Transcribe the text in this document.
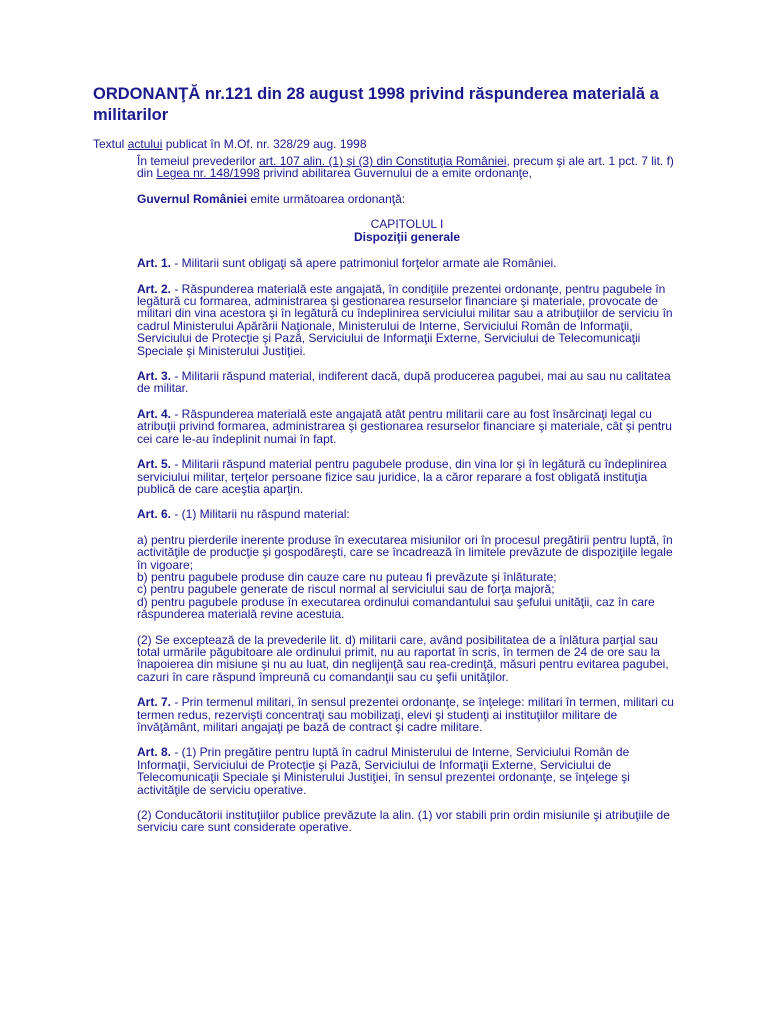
ORDONANŢĂ nr.121 din 28 august 1998 privind răspunderea materială a militarilor
Textul actului publicat în M.Of. nr. 328/29 aug. 1998

În temeiul prevederilor art. 107 alin. (1) şi (3) din Constituţia României, precum şi ale art. 1 pct. 7 lit. f) din Legea nr. 148/1998 privind abilitarea Guvernului de a emite ordonanţe,

Guvernul României emite următoarea ordonanţă:

CAPITOLUL I

Dispoziţii generale

Art. 1. - Militarii sunt obligaţi să apere patrimoniul forţelor armate ale României.

Art. 2. - Răspunderea materială este angajată, în condiţiile prezentei ordonanţe, pentru pagubele în legătură cu formarea, administrarea şi gestionarea resurselor financiare şi materiale, provocate de militari din vina acestora şi în legătură cu îndeplinirea serviciului militar sau a atribuţiilor de serviciu în cadrul Ministerului Apărării Naţionale, Ministerului de Interne, Serviciului Român de Informaţii, Serviciului de Protecţie şi Pază, Serviciului de Informaţii Externe, Serviciului de Telecomunicaţii Speciale şi Ministerului Justiţiei.

Art. 3. - Militarii răspund material, indiferent dacă, după producerea pagubei, mai au sau nu calitatea de militar.

Art. 4. - Răspunderea materială este angajată atât pentru militarii care au fost însărcinaţi legal cu atribuţii privind formarea, administrarea şi gestionarea resurselor financiare şi materiale, cât şi pentru cei care le-au îndeplinit numai în fapt.

Art. 5. - Militarii răspund material pentru pagubele produse, din vina lor şi în legătură cu îndeplinirea serviciului militar, terţelor persoane fizice sau juridice, la a căror reparare a fost obligată instituţia publică de care aceştia aparţin.

Art. 6. - (1) Militarii nu răspund material:

a) pentru pierderile inerente produse în executarea misiunilor ori în procesul pregătirii pentru luptă, în activităţile de producţie şi gospodăreşti, care se încadrează în limitele prevăzute de dispoziţiile legale în vigoare;

b) pentru pagubele produse din cauze care nu puteau fi prevăzute şi înlăturate;

c) pentru pagubele generate de riscul normal al serviciului sau de forţa majoră;

d) pentru pagubele produse în executarea ordinului comandantului sau şefului unităţii, caz în care răspunderea materială revine acestuia.

(2) Se exceptează de la prevederile lit. d) militarii care, având posibilitatea de a înlătura parţial sau total urmările păgubitoare ale ordinului primit, nu au raportat în scris, în termen de 24 de ore sau la înapoierea din misiune şi nu au luat, din neglijenţă sau rea-credinţă, măsuri pentru evitarea pagubei, cazuri în care răspund împreună cu comandanţii sau cu şefii unităţilor.

Art. 7. - Prin termenul militari, în sensul prezentei ordonanţe, se înţelege: militari în termen, militari cu termen redus, rezervişti concentraţi sau mobilizaţi, elevi şi studenţi ai instituţiilor militare de învăţământ, militari angajaţi pe bază de contract şi cadre militare.

Art. 8. - (1) Prin pregătire pentru luptă în cadrul Ministerului de Interne, Serviciului Român de Informaţii, Serviciului de Protecţie şi Pază, Serviciului de Informaţii Externe, Serviciului de Telecomunicaţii Speciale şi Ministerului Justiţiei, în sensul prezentei ordonanţe, se înţelege şi activităţile de serviciu operative.

(2) Conducătorii instituţiilor publice prevăzute la alin. (1) vor stabili prin ordin misiunile şi atribuţiile de serviciu care sunt considerate operative.
